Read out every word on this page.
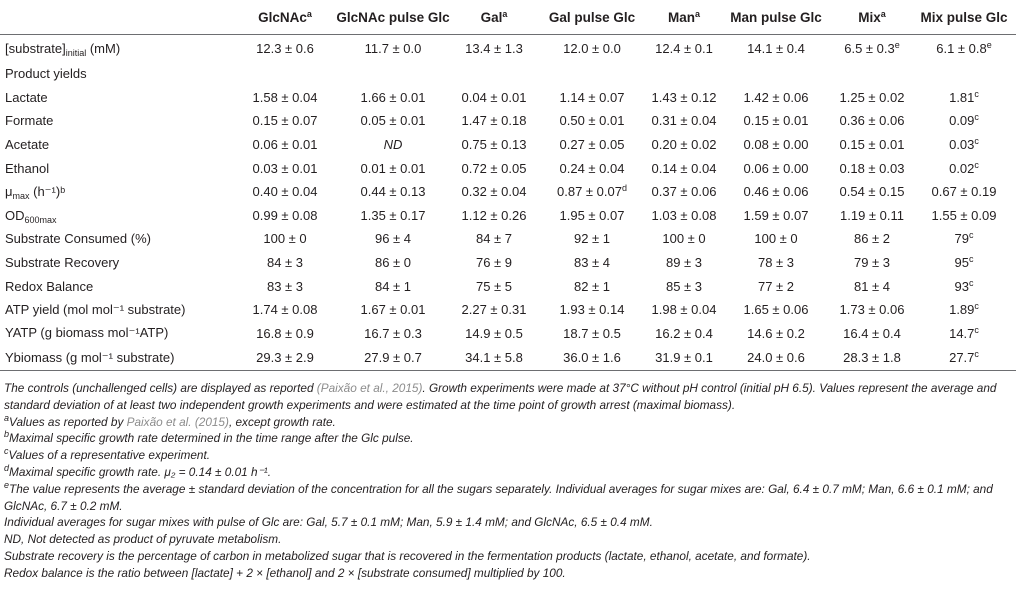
	GlcNAc$^a$	GlcNAc pulse Glc	Gal$^a$	Gal pulse Glc	Man$^a$	Man pulse Glc	Mix$^a$	Mix pulse Glc
$[substrate]_{initial}$ (mM)	12.3 ± 0.6	11.7 ± 0.0	13.4 ± 1.3	12.0 ± 0.0	12.4 ± 0.1	14.1 ± 0.4	6.5 ± 0.3$^e$	6.1 ± 0.8$^e$
Product yields								
Lactate	1.58 ± 0.04	1.66 ± 0.01	0.04 ± 0.01	1.14 ± 0.07	1.43 ± 0.12	1.42 ± 0.06	1.25 ± 0.02	1.81$^c$
Formate	0.15 ± 0.07	0.05 ± 0.01	1.47 ± 0.18	0.50 ± 0.01	0.31 ± 0.04	0.15 ± 0.01	0.36 ± 0.06	0.09$^c$
Acetate	0.06 ± 0.01	ND	0.75 ± 0.13	0.27 ± 0.05	0.20 ± 0.02	0.08 ± 0.00	0.15 ± 0.01	0.03$^c$
Ethanol	0.03 ± 0.01	0.01 ± 0.01	0.72 ± 0.05	0.24 ± 0.04	0.14 ± 0.04	0.06 ± 0.00	0.18 ± 0.03	0.02$^c$
$\mu_{max}$ (h⁻¹)ᵇ	0.40 ± 0.04	0.44 ± 0.13	0.32 ± 0.04	0.87 ± 0.07$^d$	0.37 ± 0.06	0.46 ± 0.06	0.54 ± 0.15	0.67 ± 0.19
$OD_{600max}$	0.99 ± 0.08	1.35 ± 0.17	1.12 ± 0.26	1.95 ± 0.07	1.03 ± 0.08	1.59 ± 0.07	1.19 ± 0.11	1.55 ± 0.09
Substrate Consumed (%)	100 ± 0	96 ± 4	84 ± 7	92 ± 1	100 ± 0	100 ± 0	86 ± 2	79$^c$
Substrate Recovery	84 ± 3	86 ± 0	76 ± 9	83 ± 4	89 ± 3	78 ± 3	79 ± 3	95$^c$
Redox Balance	83 ± 3	84 ± 1	75 ± 5	82 ± 1	85 ± 3	77 ± 2	81 ± 4	93$^c$
ATP yield (mol mol⁻¹ substrate)	1.74 ± 0.08	1.67 ± 0.01	2.27 ± 0.31	1.93 ± 0.14	1.98 ± 0.04	1.65 ± 0.06	1.73 ± 0.06	1.89$^c$
YATP (g biomass mol⁻¹ATP)	16.8 ± 0.9	16.7 ± 0.3	14.9 ± 0.5	18.7 ± 0.5	16.2 ± 0.4	14.6 ± 0.2	16.4 ± 0.4	14.7$^c$
Ybiomass (g mol⁻¹ substrate)	29.3 ± 2.9	27.9 ± 0.7	34.1 ± 5.8	36.0 ± 1.6	31.9 ± 0.1	24.0 ± 0.6	28.3 ± 1.8	27.7$^c$

The controls (unchallenged cells) are displayed as reported (Paixão et al., 2015). Growth experiments were made at 37°C without pH control (initial pH 6.5). Values represent the average and standard deviation of at least two independent growth experiments and were estimated at the time point of growth arrest (maximal biomass).

$^a$Values as reported by Paixão et al. (2015), except growth rate.

$^b$Maximal specific growth rate determined in the time range after the Glc pulse.

$^c$Values of a representative experiment.

$^d$Maximal specific growth rate. μ₂ = 0.14 ± 0.01 h⁻¹.

$^e$The value represents the average ± standard deviation of the concentration for all the sugars separately. Individual averages for sugar mixes are: Gal, 6.4 ± 0.7 mM; Man, 6.6 ± 0.1 mM; and GlcNAc, 6.7 ± 0.2 mM.

Individual averages for sugar mixes with pulse of Glc are: Gal, 5.7 ± 0.1 mM; Man, 5.9 ± 1.4 mM; and GlcNAc, 6.5 ± 0.4 mM.

ND, Not detected as product of pyruvate metabolism.

Substrate recovery is the percentage of carbon in metabolized sugar that is recovered in the fermentation products (lactate, ethanol, acetate, and formate).

Redox balance is the ratio between [lactate] + 2 × [ethanol] and 2 × [substrate consumed] multiplied by 100.
